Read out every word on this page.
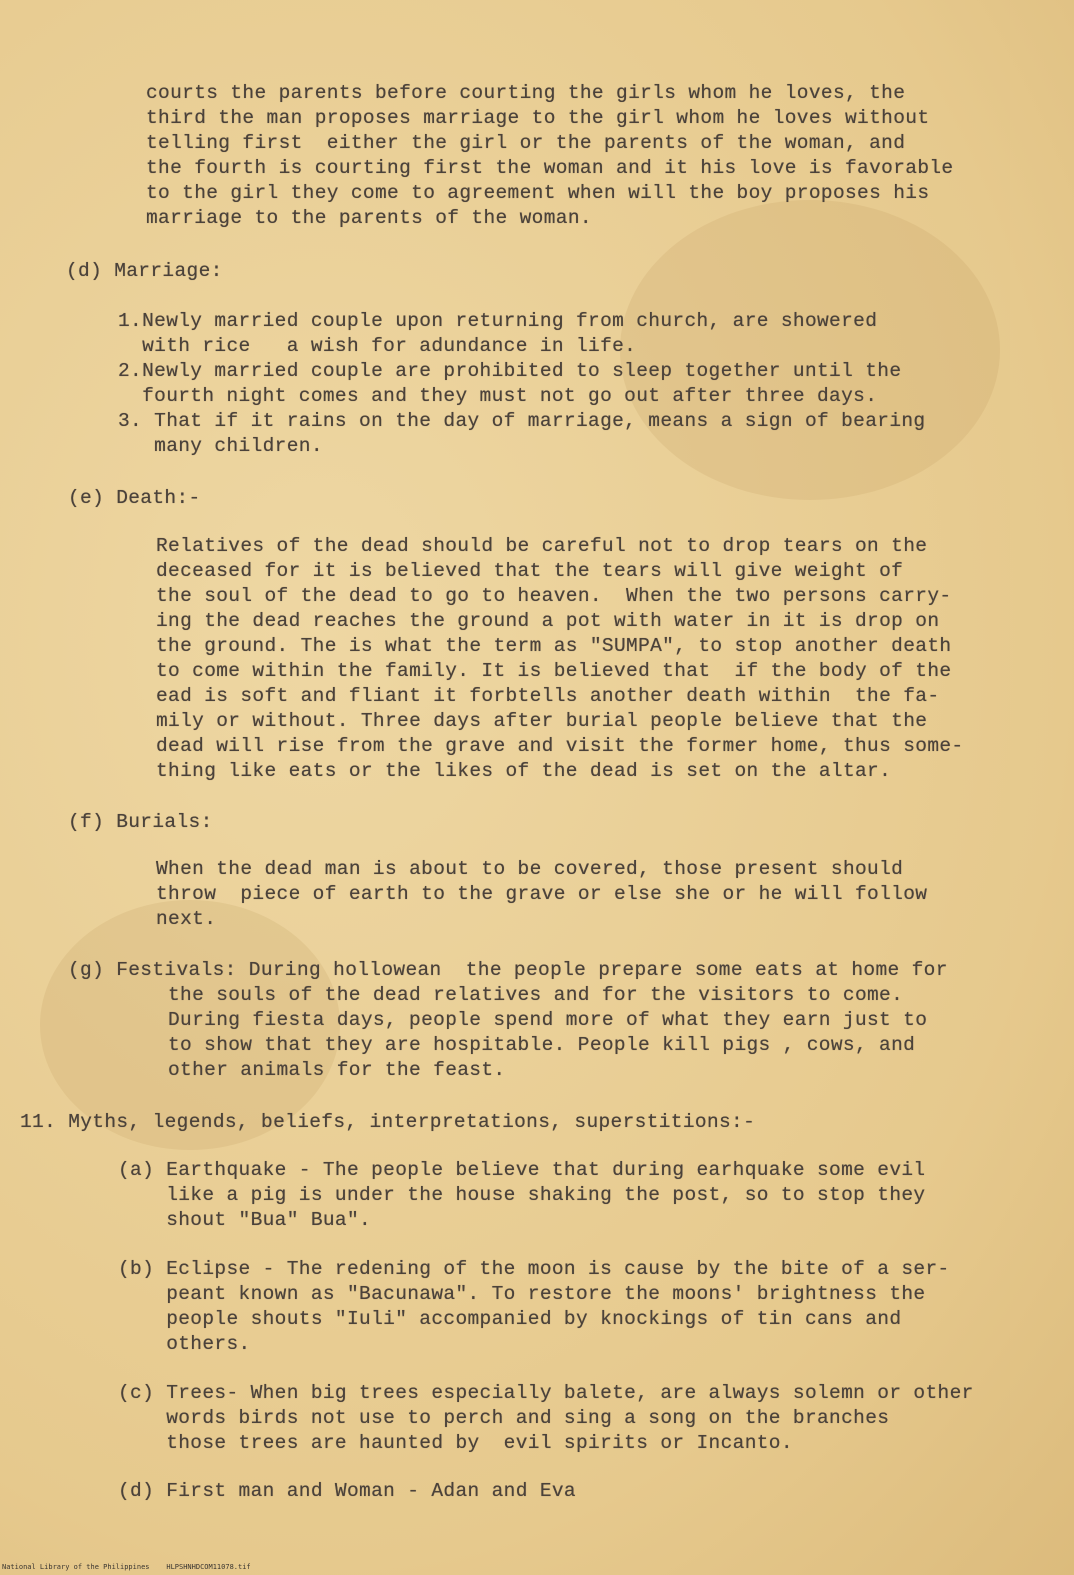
courts the parents before courting the girls whom he loves, the
third the man proposes marriage to the girl whom he loves without
telling first  either the girl or the parents of the woman, and
the fourth is courting first the woman and it his love is favorable
to the girl they come to agreement when will the boy proposes his
marriage to the parents of the woman.
(d) Marriage:
1.Newly married couple upon returning from church, are showered
with rice   a wish for adundance in life.
2.Newly married couple are prohibited to sleep together until the
fourth night comes and they must not go out after three days.
3. That if it rains on the day of marriage, means a sign of bearing
many children.
(e) Death:-
Relatives of the dead should be careful not to drop tears on the
deceased for it is believed that the tears will give weight of
the soul of the dead to go to heaven.  When the two persons carry-
ing the dead reaches the ground a pot with water in it is drop on
the ground. The is what the term as "SUMPA", to stop another death
to come within the family. It is believed that  if the body of the
ead is soft and fliant it forbtells another death within  the fa-
mily or without. Three days after burial people believe that the
dead will rise from the grave and visit the former home, thus some-
thing like eats or the likes of the dead is set on the altar.
(f) Burials:
When the dead man is about to be covered, those present should
throw  piece of earth to the grave or else she or he will follow
next.
(g) Festivals: During hollowean  the people prepare some eats at home for
the souls of the dead relatives and for the visitors to come.
During fiesta days, people spend more of what they earn just to
to show that they are hospitable. People kill pigs , cows, and
other animals for the feast.
11. Myths, legends, beliefs, interpretations, superstitions:-
(a) Earthquake - The people believe that during earhquake some evil
like a pig is under the house shaking the post, so to stop they
shout "Bua" Bua".
(b) Eclipse - The redening of the moon is cause by the bite of a ser-
peant known as "Bacunawa". To restore the moons' brightness the
people shouts "Iuli" accompanied by knockings of tin cans and
others.
(c) Trees- When big trees especially balete, are always solemn or other
words birds not use to perch and sing a song on the branches
those trees are haunted by  evil spirits or Incanto.
(d) First man and Woman - Adan and Eva
National Library of the Philippines    HLPSHNHDCOM11078.tif
